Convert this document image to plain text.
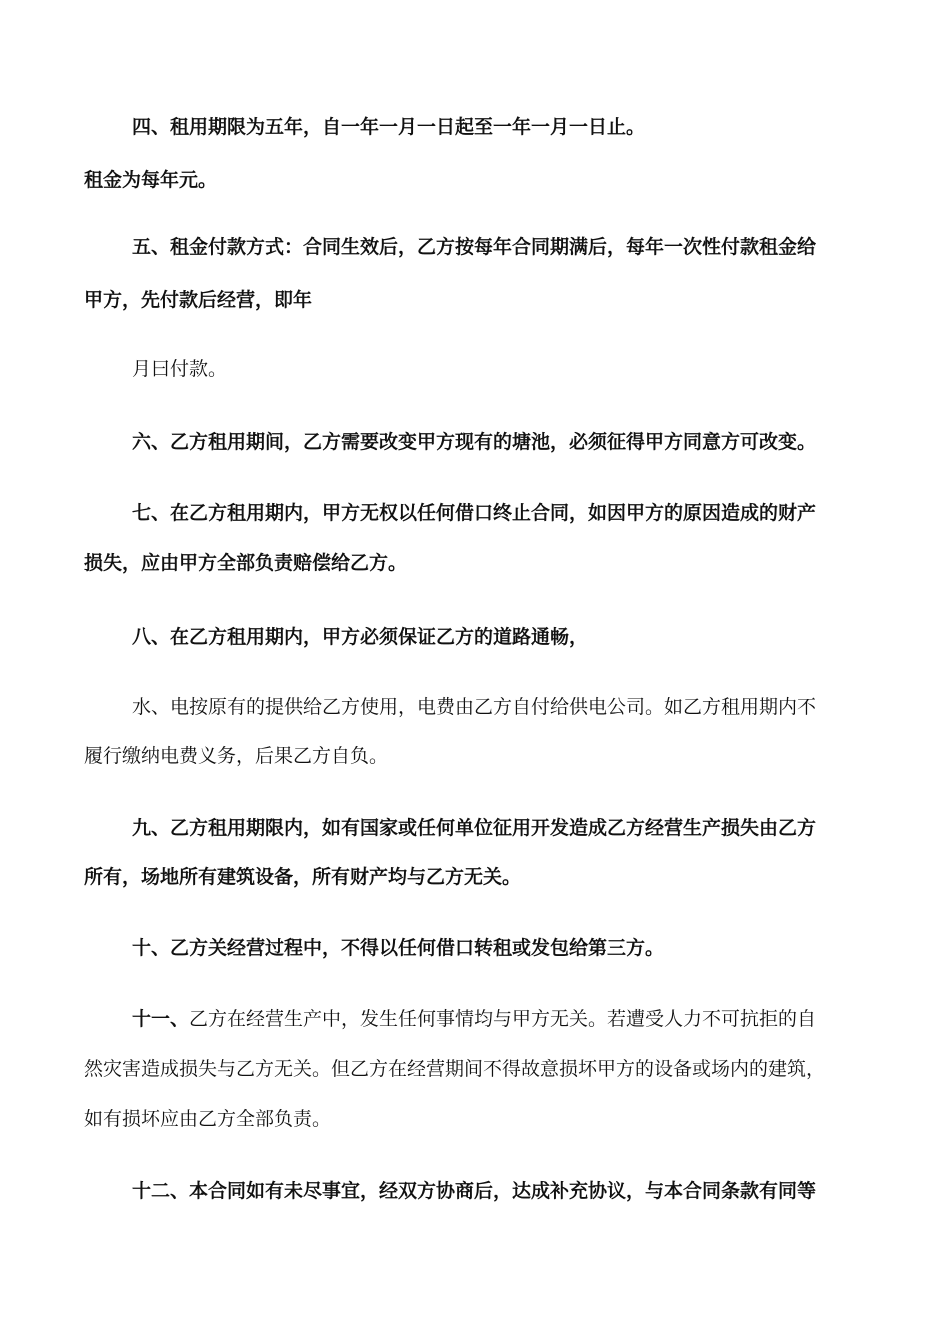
四、租用期限为五年，自一年一月一日起至一年一月一日止。
租金为每年元。
五、租金付款方式：合同生效后，乙方按每年合同期满后，每年一次性付款租金给
甲方，先付款后经营，即年
月曰付款。
六、乙方租用期间，乙方需要改变甲方现有的塘池，必须征得甲方同意方可改变。
七、在乙方租用期内，甲方无权以任何借口终止合同，如因甲方的原因造成的财产
损失，应由甲方全部负责赔偿给乙方。
八、在乙方租用期内，甲方必须保证乙方的道路通畅，
水、电按原有的提供给乙方使用，电费由乙方自付给供电公司。如乙方租用期内不
履行缴纳电费义务，后果乙方自负。
九、乙方租用期限内，如有国家或任何单位征用开发造成乙方经营生产损失由乙方
所有，场地所有建筑设备，所有财产均与乙方无关。
十、乙方关经营过程中，不得以任何借口转租或发包给第三方。
十一、乙方在经营生产中，发生任何事情均与甲方无关。若遭受人力不可抗拒的自
然灾害造成损失与乙方无关。但乙方在经营期间不得故意损坏甲方的设备或场内的建筑，
如有损坏应由乙方全部负责。
十二、本合同如有未尽事宜，经双方协商后，达成补充协议，与本合同条款有同等
